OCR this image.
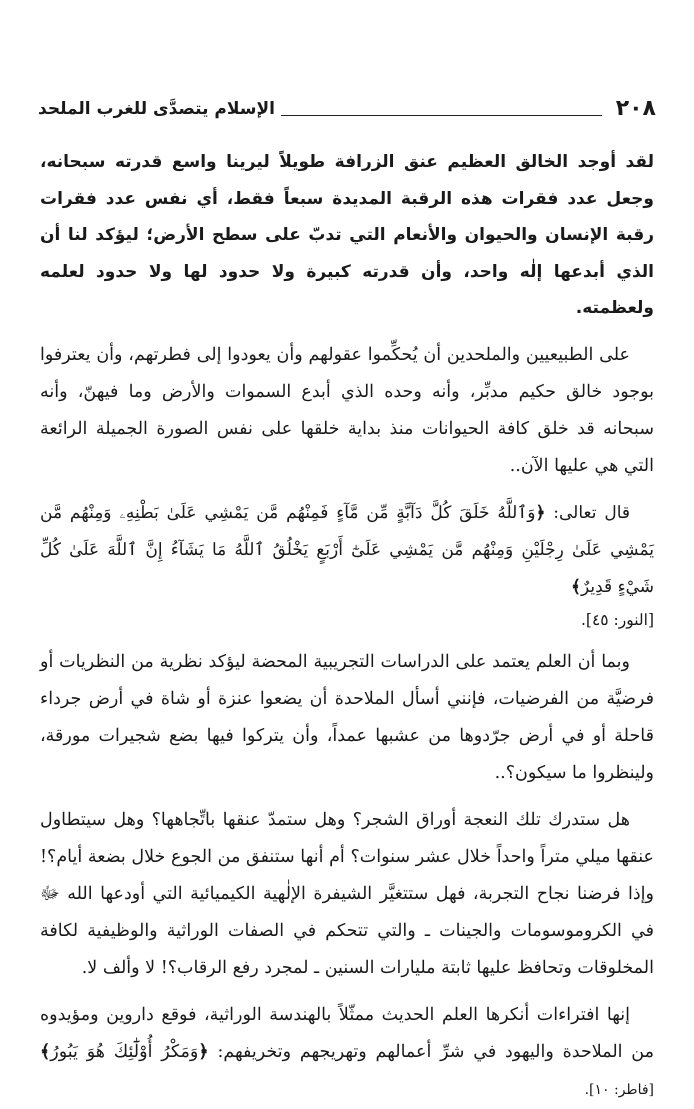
٢٠٨
الإسلام يتصدَّى للغرب الملحد

لقد أوجد الخالق العظيم عنق الزرافة طويلاً ليرينا واسع قدرته سبحانه، وجعل عدد فقرات هذه الرقبة المديدة سبعاً فقط، أي نفس عدد فقرات رقبة الإنسان والحيوان والأنعام التي تدبّ على سطح الأرض؛ ليؤكد لنا أن الذي أبدعها إلٰه واحد، وأن قدرته كبيرة ولا حدود لها ولا حدود لعلمه ولعظمته.

على الطبيعيين والملحدين أن يُحكِّموا عقولهم وأن يعودوا إلى فطرتهم، وأن يعترفوا بوجود خالق حكيم مدبِّر، وأنه وحده الذي أبدع السموات والأرض وما فيهنّ، وأنه سبحانه قد خلق كافة الحيوانات منذ بداية خلقها على نفس الصورة الجميلة الرائعة التي هي عليها الآن..

قال تعالى: ﴿وَٱللَّهُ خَلَقَ كُلَّ دَآبَّةٍ مِّن مَّآءٍ فَمِنْهُم مَّن يَمْشِي عَلَىٰ بَطْنِهِۦ وَمِنْهُم مَّن يَمْشِي عَلَىٰ رِجْلَيْنِ وَمِنْهُم مَّن يَمْشِي عَلَىٰٓ أَرْبَعٍ يَخْلُقُ ٱللَّهُ مَا يَشَآءُ إِنَّ ٱللَّهَ عَلَىٰ كُلِّ شَيْءٍ قَدِيرٌ﴾

[النور: ٤٥].

وبما أن العلم يعتمد على الدراسات التجريبية المحضة ليؤكد نظرية من النظريات أو فرضيَّة من الفرضيات، فإنني أسأل الملاحدة أن يضعوا عنزة أو شاة في أرض جرداء قاحلة أو في أرض جرّدوها من عشبها عمداً، وأن يتركوا فيها بضع شجيرات مورقة، ولينظروا ما سيكون؟..

هل ستدرك تلك النعجة أوراق الشجر؟ وهل ستمدّ عنقها باتِّجاهها؟ وهل سيتطاول عنقها ميلي متراً واحداً خلال عشر سنوات؟ أم أنها ستنفق من الجوع خلال بضعة أيام؟! وإذا فرضنا نجاح التجربة، فهل ستتغيَّر الشيفرة الإلٰهية الكيميائية التي أودعها الله ﷻ في الكروموسومات والجينات ـ والتي تتحكم في الصفات الوراثية والوظيفية لكافة المخلوقات وتحافظ عليها ثابتة مليارات السنين ـ لمجرد رفع الرقاب؟! لا وألف لا.

إنها افتراءات أنكرها العلم الحديث ممثّلاً بالهندسة الوراثية، فوقع داروين ومؤيدوه من الملاحدة واليهود في شرِّ أعمالهم وتهريجهم وتخريفهم: ﴿وَمَكْرُ أُوْلَٰٓئِكَ هُوَ يَبُورُ﴾ [فاطر: ١٠].
